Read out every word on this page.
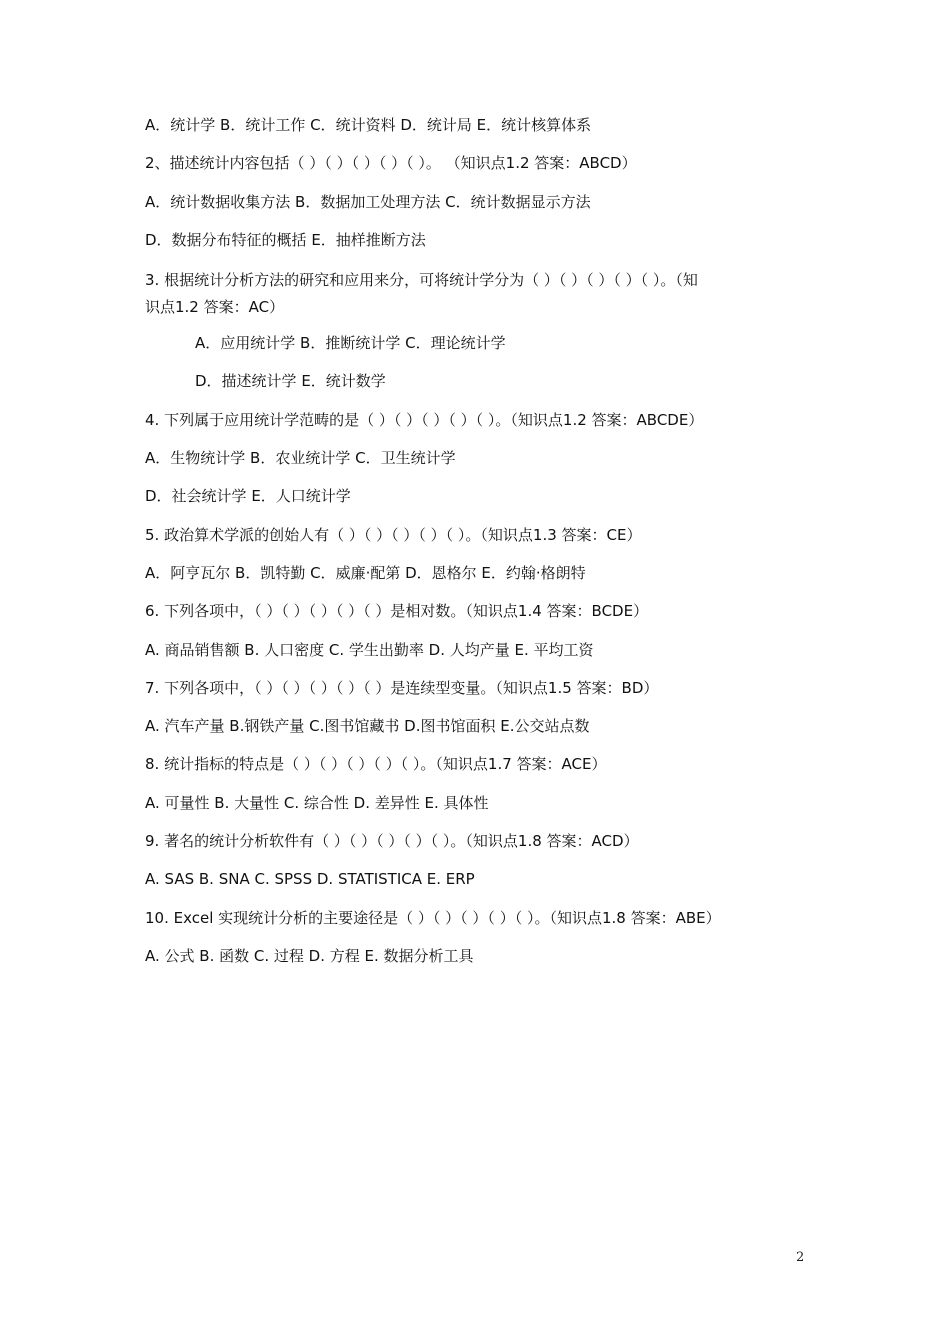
A．统计学 B．统计工作 C．统计资料 D．统计局 E．统计核算体系

2、描述统计内容包括（ ）（ ）（ ）（ ）（ ）。 （知识点1.2 答案：ABCD）

A．统计数据收集方法 B．数据加工处理方法 C．统计数据显示方法

D．数据分布特征的概括 E．抽样推断方法

3. 根据统计分析方法的研究和应用来分，可将统计学分为（ ）（ ）（ ）（ ）（ ）。（知
识点1.2 答案：AC）

A．应用统计学 B．推断统计学 C．理论统计学

D．描述统计学 E．统计数学

4. 下列属于应用统计学范畴的是（ ）（ ）（ ）（ ）（ ）。（知识点1.2 答案：ABCDE）

A．生物统计学 B．农业统计学 C．卫生统计学

D．社会统计学 E．人口统计学

5. 政治算术学派的创始人有（ ）（ ）（ ）（ ）（ ）。（知识点1.3 答案：CE）

A．阿亨瓦尔 B．凯特勤 C．威廉·配第 D．恩格尔 E．约翰·格朗特

6. 下列各项中，（ ）（ ）（ ）（ ）（ ）是相对数。（知识点1.4 答案：BCDE）

A. 商品销售额 B. 人口密度 C. 学生出勤率 D. 人均产量 E. 平均工资

7. 下列各项中，（ ）（ ）（ ）（ ）（ ）是连续型变量。（知识点1.5 答案：BD）

A. 汽车产量 B.钢铁产量 C.图书馆藏书 D.图书馆面积 E.公交站点数

8. 统计指标的特点是（ ）（ ）（ ）（ ）（ ）。（知识点1.7 答案：ACE）

A. 可量性 B. 大量性 C. 综合性 D. 差异性 E. 具体性

9. 著名的统计分析软件有（ ）（ ）（ ）（ ）（ ）。（知识点1.8 答案：ACD）

A. SAS B. SNA C. SPSS D. STATISTICA E. ERP

10. Excel 实现统计分析的主要途径是（ ）（ ）（ ）（ ）（ ）。（知识点1.8 答案：ABE）

A. 公式 B. 函数 C. 过程 D. 方程 E. 数据分析工具

2
